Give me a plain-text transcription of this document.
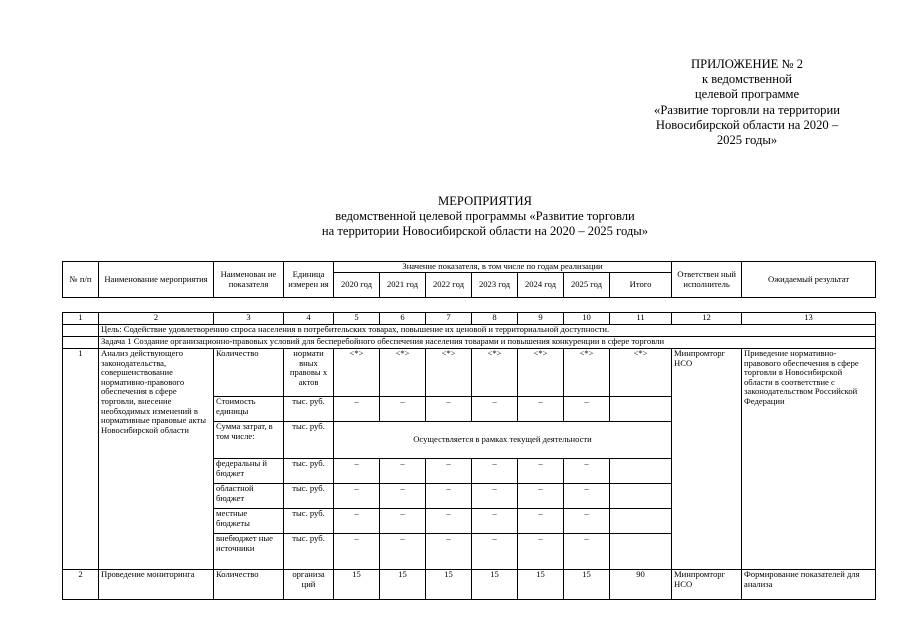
ПРИЛОЖЕНИЕ № 2
к ведомственной
целевой программе
«Развитие торговли на территории
Новосибирской области на 2020 –
2025 годы»
МЕРОПРИЯТИЯ
ведомственной целевой программы «Развитие торговли
на территории Новосибирской области на 2020 – 2025 годы»
№ п/п	Наименование мероприятия	Наименован ие показателя	Единица измерен ия	Значение показателя, в том числе по годам реализации							Ответствен ный исполнитель	Ожидаемый результат
				2020 год	2021 год	2022 год	2023 год	2024 год	2025 год	Итого		
1	2	3	4	5	6	7	8	9	10	11	12	13
	Цель: Содействие удовлетворению спроса населения в потребительских товарах, повышение их ценовой и территориальной доступности.											
	Задача 1 Создание организационно-правовых условий для бесперебойного обеспечения населения товарами и повышения конкуренции в сфере торговли											
1	Анализ действующего законодательства, совершенствование нормативно-правового обеспечения в сфере торговли, внесение необходимых изменений в нормативные правовые акты Новосибирской области	Количество	нормати вных правовы х актов	<*>	<*>	<*>	<*>	<*>	<*>	<*>	Минпромторг НСО	Приведение нормативно-правового обеспечения в сфере торговли в Новосибирской области в соответствие с законодательством Российской Федерации
		Стоимость единицы	тыс. руб.	–	–	–	–	–	–			
		Сумма затрат, в том числе:	тыс. руб.	Осуществляется в рамках текущей деятельности								
		федеральны й бюджет	тыс. руб.	–	–	–	–	–	–			
		областной бюджет	тыс. руб.	–	–	–	–	–	–			
		местные бюджеты	тыс. руб.	–	–	–	–	–	–			
		внебюджет ные источники	тыс. руб.	–	–	–	–	–	–			
2	Проведение мониторинга	Количество	организа ций	15	15	15	15	15	15	90	Минпромторг НСО	Формирование показателей для анализа
